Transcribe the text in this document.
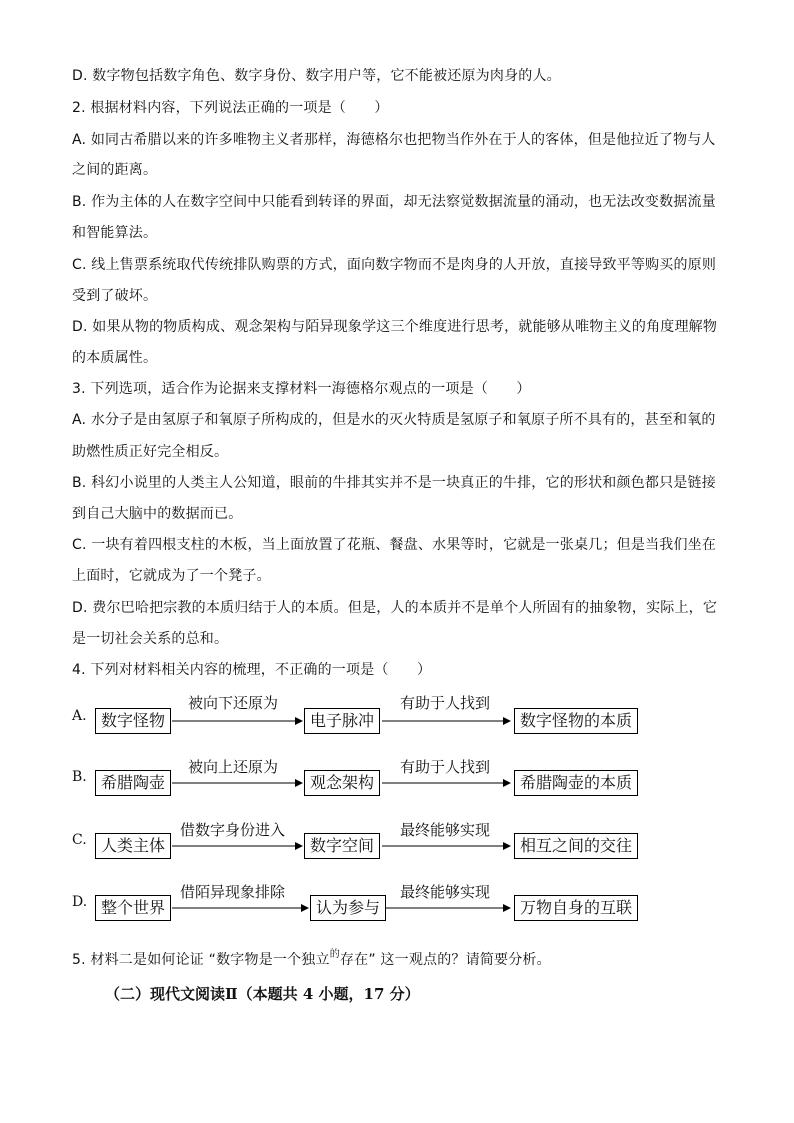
D. 数字物包括数字角色、数字身份、数字用户等，它不能被还原为肉身的人。
2. 根据材料内容，下列说法正确的一项是（　　）
A. 如同古希腊以来的许多唯物主义者那样，海德格尔也把物当作外在于人的客体，但是他拉近了物与人
之间的距离。
B. 作为主体的人在数字空间中只能看到转译的界面，却无法察觉数据流量的涌动，也无法改变数据流量
和智能算法。
C. 线上售票系统取代传统排队购票的方式，面向数字物而不是肉身的人开放，直接导致平等购买的原则
受到了破坏。
D. 如果从物的物质构成、观念架构与陌异现象学这三个维度进行思考，就能够从唯物主义的角度理解物
的本质属性。
3. 下列选项，适合作为论据来支撑材料一海德格尔观点的一项是（　　）
A. 水分子是由氢原子和氧原子所构成的，但是水的灭火特质是氢原子和氧原子所不具有的，甚至和氧的
助燃性质正好完全相反。
B. 科幻小说里的人类主人公知道，眼前的牛排其实并不是一块真正的牛排，它的形状和颜色都只是链接
到自己大脑中的数据而已。
C. 一块有着四根支柱的木板，当上面放置了花瓶、餐盘、水果等时，它就是一张桌几；但是当我们坐在
上面时，它就成为了一个凳子。
D. 费尔巴哈把宗教的本质归结于人的本质。但是，人的本质并不是单个人所固有的抽象物，实际上，它
是一切社会关系的总和。
4. 下列对材料相关内容的梳理，不正确的一项是（　　）
A. 数字怪物
被向下还原为
电子脉冲
有助于人找到
数字怪物的本质
B. 希腊陶壶
被向上还原为
观念架构
有助于人找到
希腊陶壶的本质
C. 人类主体
借数字身份进入
数字空间
最终能够实现
相互之间的交往
D. 整个世界
借陌异现象排除
认为参与
最终能够实现
万物自身的互联
5. 材料二是如何论证 “数字物是一个独立$^的$存在” 这一观点的？请简要分析。
（二）现代文阅读Ⅱ（本题共 4 小题，17 分）
